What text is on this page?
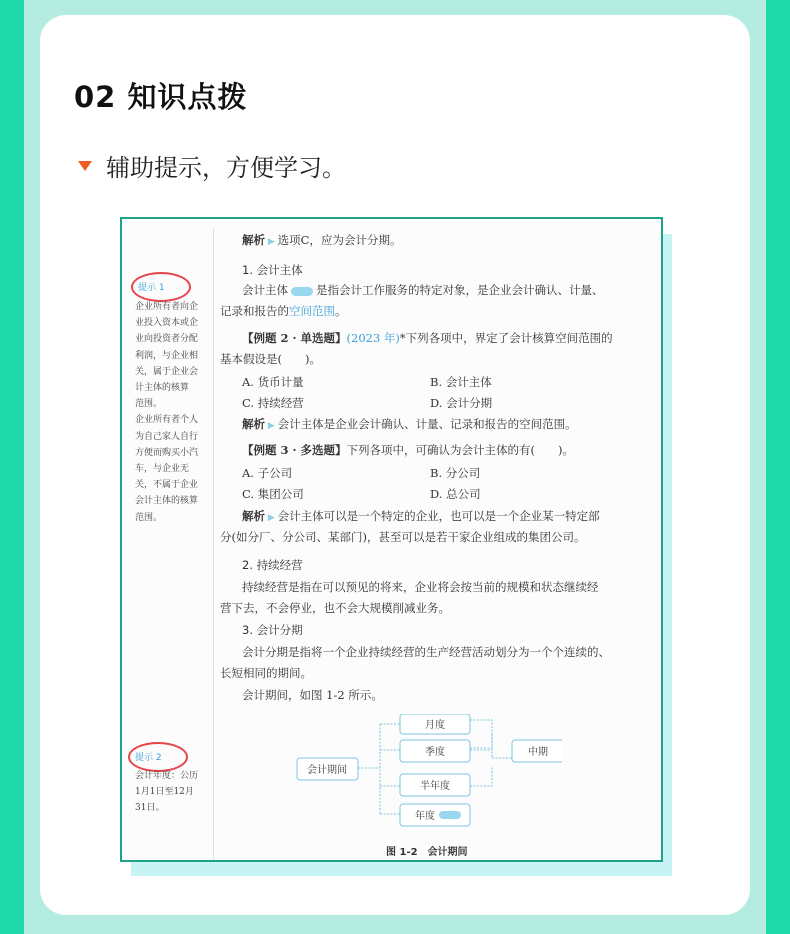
02 知识点拨
辅助提示，方便学习。
提示 1
企业所有者向企
业投入资本或企
业向投资者分配
利润，与企业相
关，属于企业会
计主体的核算
范围。
企业所有者个人
为自己家人自行
方便而购买小汽
车，与企业无
关，不属于企业
会计主体的核算
范围。
提示 2
会计年度：公历
1月1日至12月
31日。
解析 ▶ 选项C，应为会计分期。
1. 会计主体
会计主体 是指会计工作服务的特定对象，是企业会计确认、计量、
记录和报告的空间范围。
【例题 2 · 单选题】(2023 年)*下列各项中，界定了会计核算空间范围的
基本假设是(　　)。
A. 货币计量	B. 会计主体
C. 持续经营	D. 会计分期
解析 ▶ 会计主体是企业会计确认、计量、记录和报告的空间范围。
【例题 3 · 多选题】下列各项中，可确认为会计主体的有(　　)。
A. 子公司	B. 分公司
C. 集团公司	D. 总公司
解析 ▶ 会计主体可以是一个特定的企业，也可以是一个企业某一特定部
分(如分厂、分公司、某部门)，甚至可以是若干家企业组成的集团公司。
2. 持续经营
持续经营是指在可以预见的将来，企业将会按当前的规模和状态继续经
营下去，不会停业，也不会大规模削减业务。
3. 会计分期
会计分期是指将一个企业持续经营的生产经营活动划分为一个个连续的、
长短相同的期间。
会计期间，如图 1-2 所示。
会计期间
月度
季度
半年度
年度
中期
图 1-2　会计期间
